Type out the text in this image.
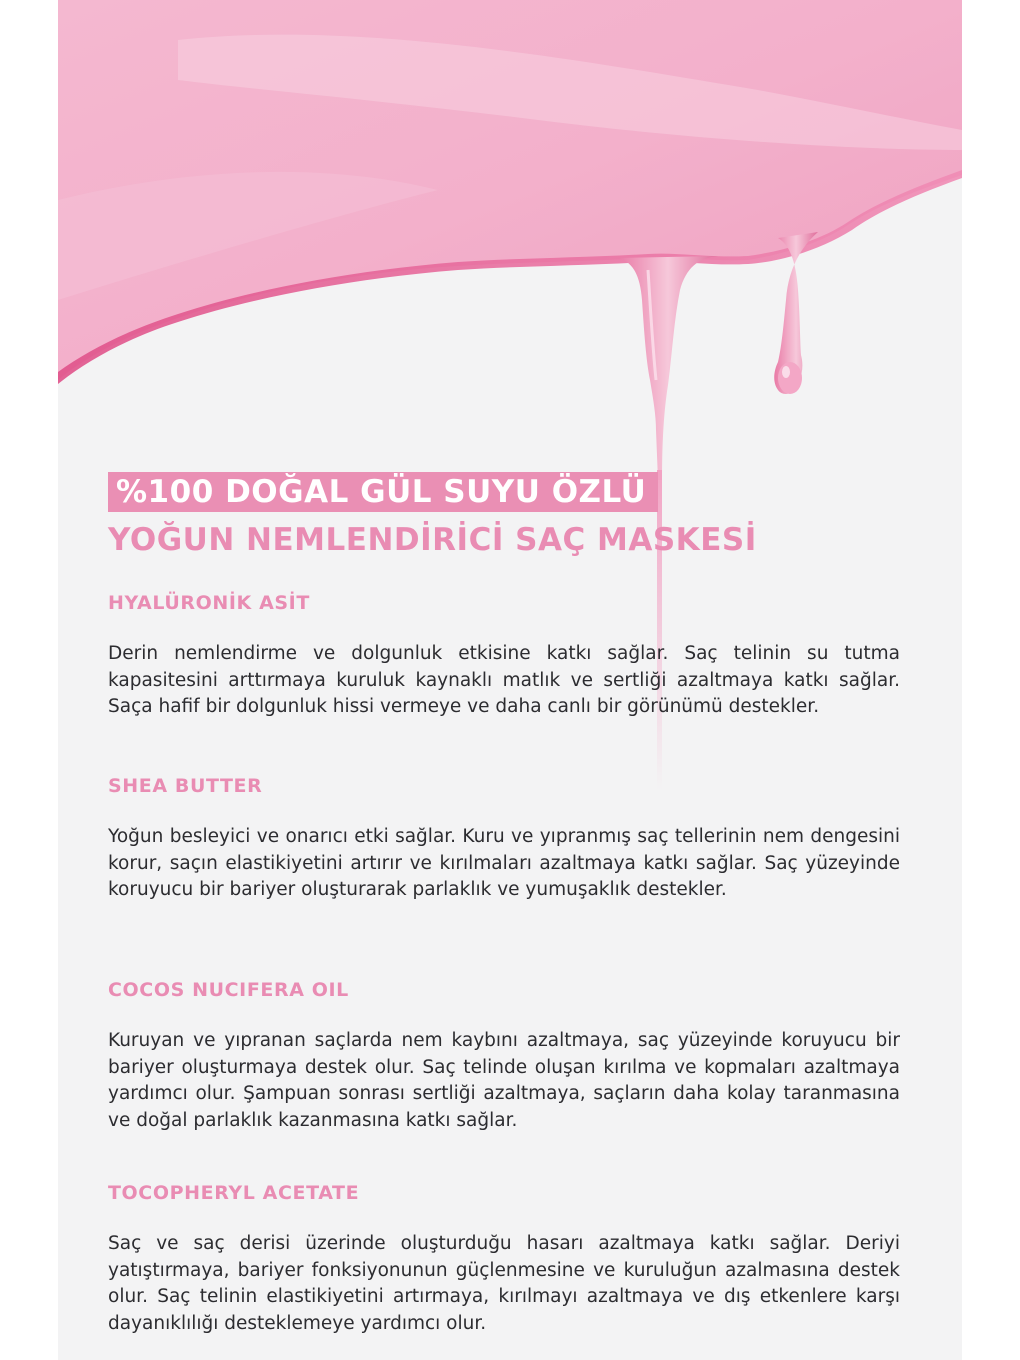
%100 DOĞAL GÜL SUYU ÖZLÜ
YOĞUN NEMLENDİRİCİ SAÇ MASKESİ
HYALÜRONİK ASİT

Derin nemlendirme ve dolgunluk etkisine katkı sağlar. Saç telinin su tutma kapasitesini arttırmaya kuruluk kaynaklı matlık ve sertliği azaltmaya katkı sağlar. Saça hafif bir dolgunluk hissi vermeye ve daha canlı bir görünümü destekler.

SHEA BUTTER

Yoğun besleyici ve onarıcı etki sağlar. Kuru ve yıpranmış saç tellerinin nem dengesini korur, saçın elastikiyetini artırır ve kırılmaları azaltmaya katkı sağlar. Saç yüzeyinde koruyucu bir bariyer oluşturarak parlaklık ve yumuşaklık destekler.

COCOS NUCIFERA OIL

Kuruyan ve yıpranan saçlarda nem kaybını azaltmaya, saç yüzeyinde koruyucu bir bariyer oluşturmaya destek olur. Saç telinde oluşan kırılma ve kopmaları azaltmaya yardımcı olur. Şampuan sonrası sertliği azaltmaya, saçların daha kolay taranmasına ve doğal parlaklık kazanmasına katkı sağlar.

TOCOPHERYL ACETATE

Saç ve saç derisi üzerinde oluşturduğu hasarı azaltmaya katkı sağlar. Deriyi yatıştırmaya, bariyer fonksiyonunun güçlenmesine ve kuruluğun azalmasına destek olur. Saç telinin elastikiyetini artırmaya, kırılmayı azaltmaya ve dış etkenlere karşı dayanıklılığı desteklemeye yardımcı olur.
